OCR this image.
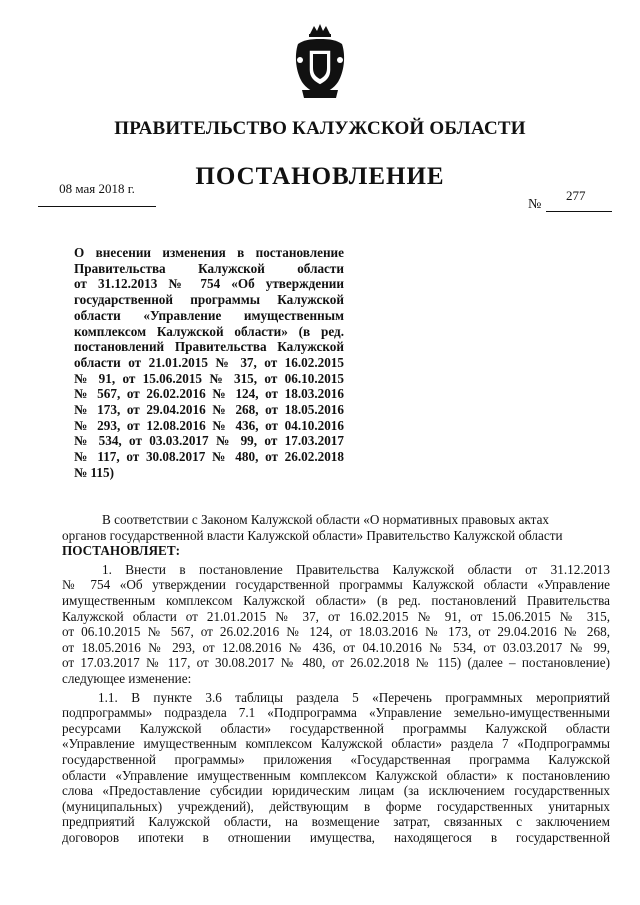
ПРАВИТЕЛЬСТВО КАЛУЖСКОЙ ОБЛАСТИ
ПОСТАНОВЛЕНИЕ
08 мая 2018 г.	277
№
О внесении изменения в постановление
Правительства Калужской области
от 31.12.2013 № 754 «Об утверждении
государственной программы Калужской
области «Управление имущественным
комплексом Калужской области» (в ред.
постановлений Правительства Калужской
области от 21.01.2015 № 37, от 16.02.2015
№ 91, от 15.06.2015 № 315, от 06.10.2015
№ 567, от 26.02.2016 № 124, от 18.03.2016
№ 173, от 29.04.2016 № 268, от 18.05.2016
№ 293, от 12.08.2016 № 436, от 04.10.2016
№ 534, от 03.03.2017 № 99, от 17.03.2017
№ 117, от 30.08.2017 № 480, от 26.02.2018
№ 115)
В соответствии с Законом Калужской области «О нормативных правовых актах
органов государственной власти Калужской области» Правительство Калужской области
ПОСТАНОВЛЯЕТ:
1. Внести в постановление Правительства Калужской области от 31.12.2013
№ 754 «Об утверждении государственной программы Калужской области «Управление
имущественным комплексом Калужской области» (в ред. постановлений Правительства
Калужской области от 21.01.2015 № 37, от 16.02.2015 № 91, от 15.06.2015 № 315,
от 06.10.2015 № 567, от 26.02.2016 № 124, от 18.03.2016 № 173, от 29.04.2016 № 268,
от 18.05.2016 № 293, от 12.08.2016 № 436, от 04.10.2016 № 534, от 03.03.2017 № 99,
от 17.03.2017 № 117, от 30.08.2017 № 480, от 26.02.2018 № 115) (далее – постановление)
следующее изменение:
1.1. В пункте 3.6 таблицы раздела 5 «Перечень программных мероприятий
подпрограммы» подраздела 7.1 «Подпрограмма «Управление земельно-имущественными
ресурсами Калужской области» государственной программы Калужской области
«Управление имущественным комплексом Калужской области» раздела 7 «Подпрограммы
государственной программы» приложения «Государственная программа Калужской
области «Управление имущественным комплексом Калужской области» к постановлению
слова «Предоставление субсидии юридическим лицам (за исключением государственных
(муниципальных) учреждений), действующим в форме государственных унитарных
предприятий Калужской области, на возмещение затрат, связанных с заключением
договоров ипотеки в отношении имущества, находящегося в государственной
